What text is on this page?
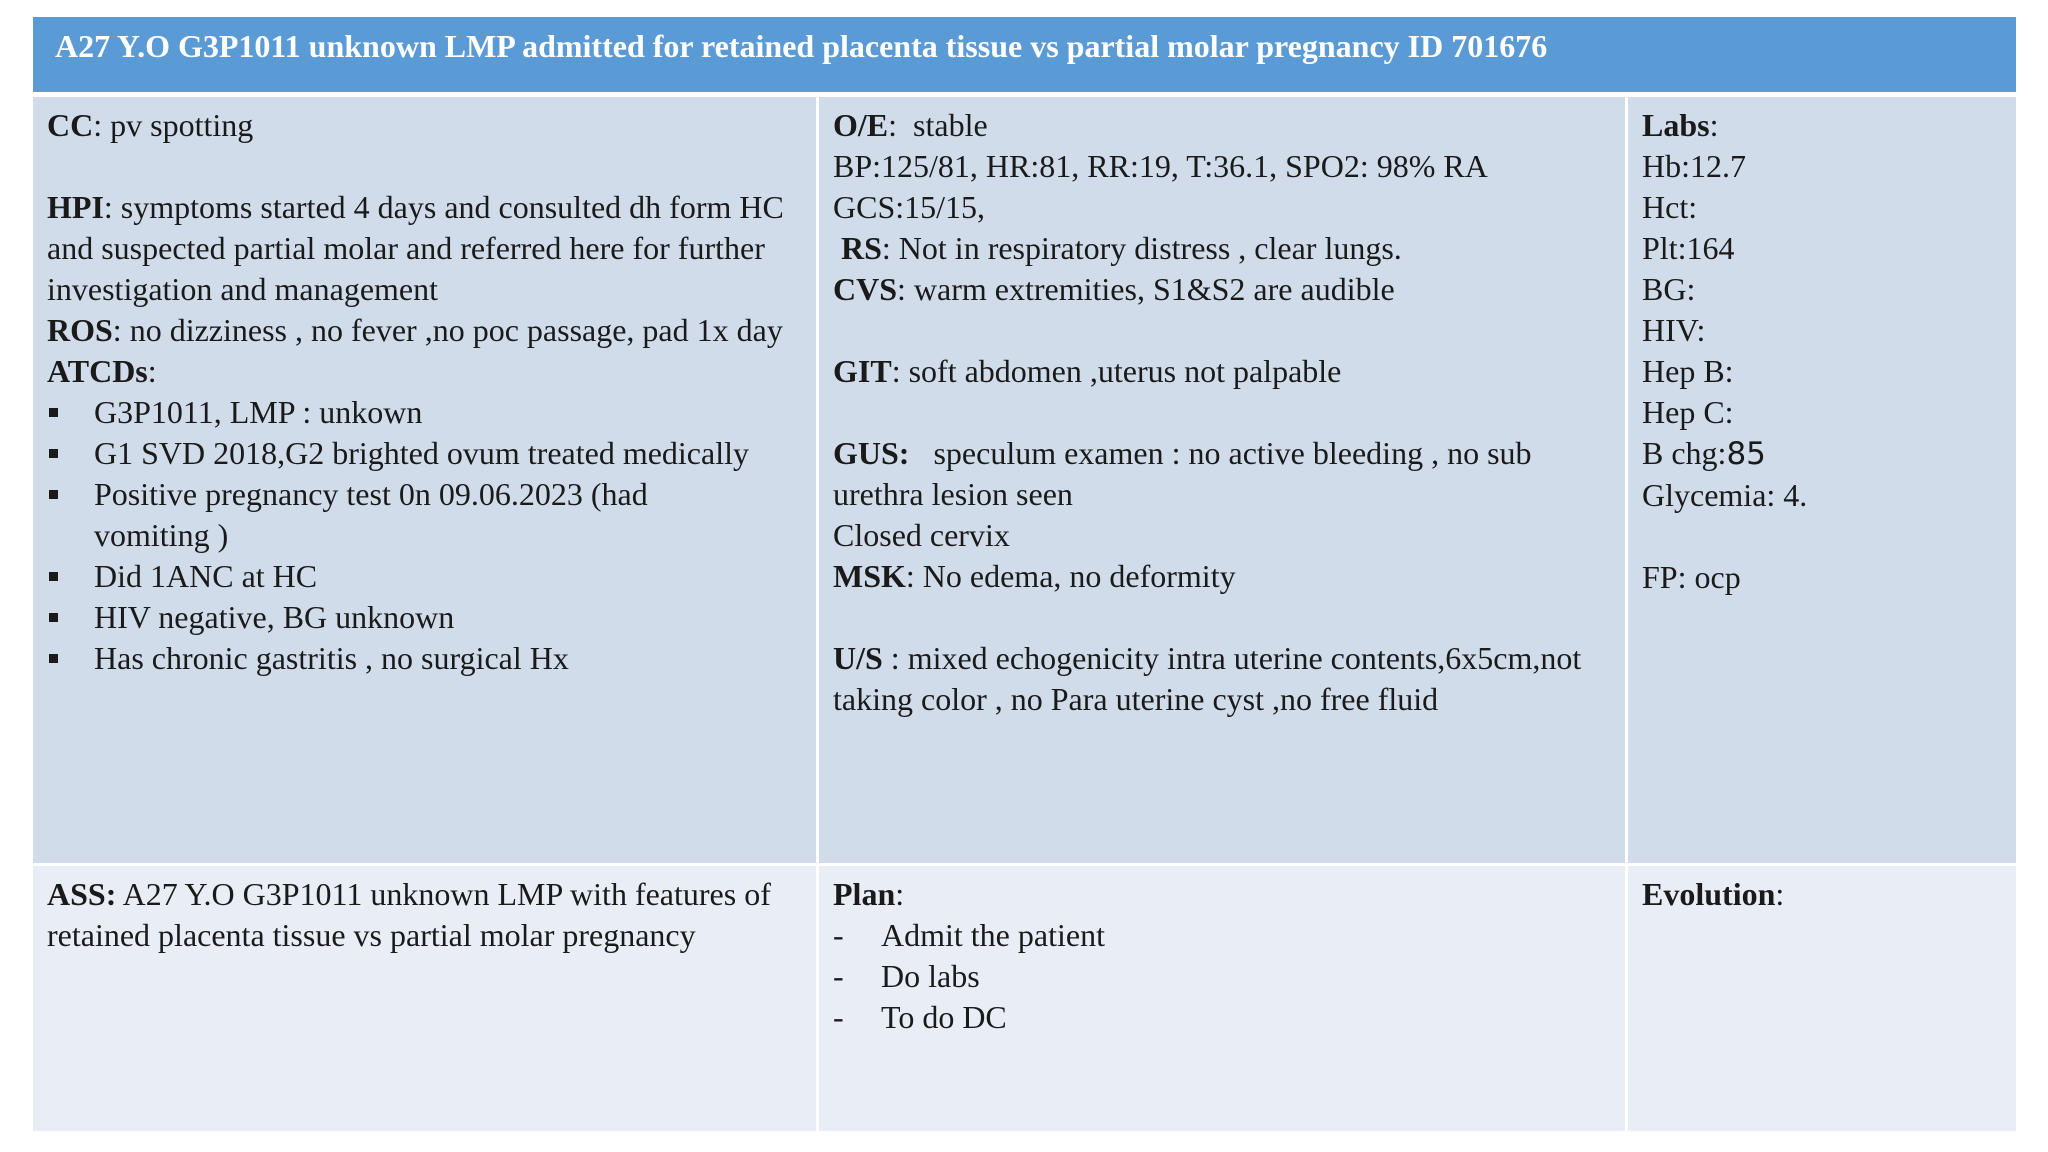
A27 Y.O G3P1011 unknown LMP admitted for retained placenta tissue vs partial molar pregnancy ID 701676
CC: pv spotting
HPI: symptoms started 4 days and consulted dh form HC and suspected partial molar and referred here for further investigation and management
ROS: no dizziness , no fever ,no poc passage, pad 1x day
ATCDs:
G3P1011, LMP : unkown
G1 SVD 2018,G2 brighted ovum treated medically
Positive pregnancy test 0n 09.06.2023 (had vomiting )
Did 1ANC at HC
HIV negative, BG unknown
Has chronic gastritis , no surgical Hx
O/E:  stable
BP:125/81, HR:81, RR:19, T:36.1, SPO2: 98% RA
GCS:15/15,
RS: Not in respiratory distress , clear lungs.
CVS: warm extremities, S1&S2 are audible
GIT: soft abdomen ,uterus not palpable
GUS:   speculum examen : no active bleeding , no sub urethra lesion seen
Closed cervix
MSK: No edema, no deformity
U/S : mixed echogenicity intra uterine contents,6x5cm,not taking color , no Para uterine cyst ,no free fluid
Labs:
Hb:12.7
Hct:
Plt:164
BG:
HIV:
Hep B:
Hep C:
B chg:85
Glycemia: 4.
FP: ocp
ASS: A27 Y.O G3P1011 unknown LMP with features of retained placenta tissue vs partial molar pregnancy
Plan:
- Admit the patient
- Do labs
- To do DC
Evolution:
